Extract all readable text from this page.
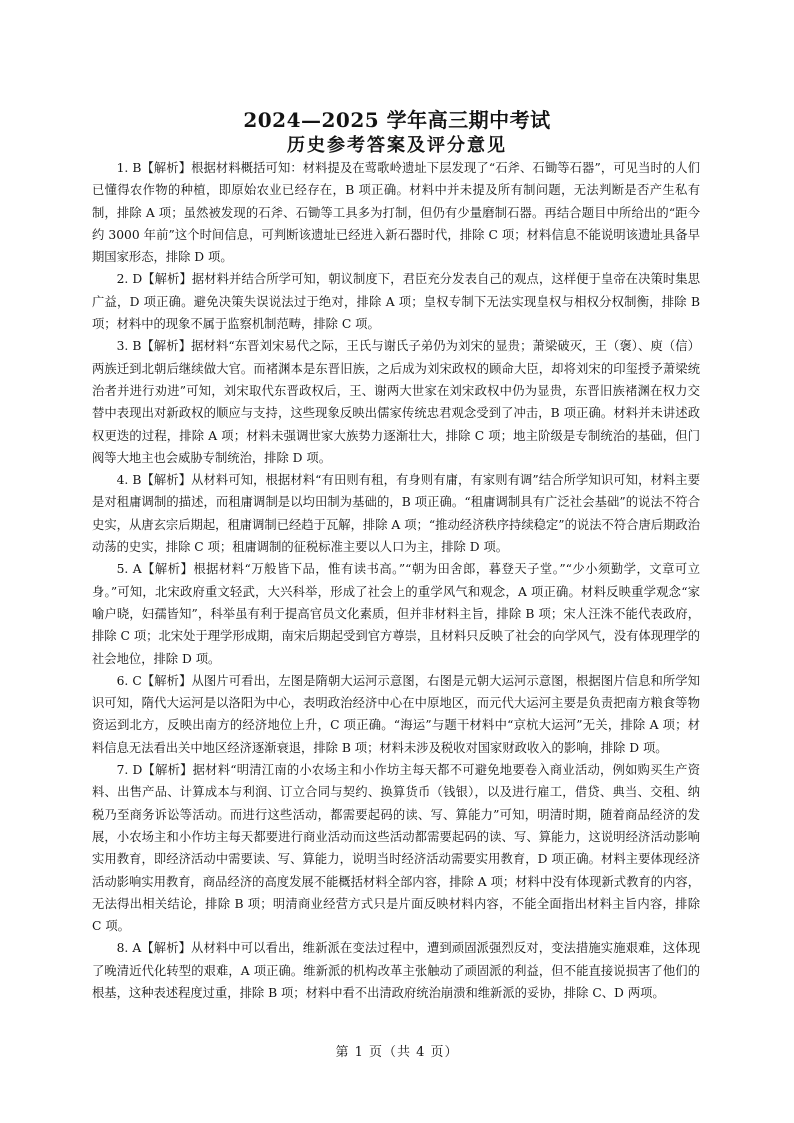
2024—2025 学年高三期中考试
历史参考答案及评分意见

1. B【解析】根据材料概括可知：材料提及在莺歌岭遗址下层发现了“石斧、石锄等石器”，可见当时的人们已懂得农作物的种植，即原始农业已经存在，B 项正确。材料中并未提及所有制问题，无法判断是否产生私有制，排除 A 项；虽然被发现的石斧、石锄等工具多为打制，但仍有少量磨制石器。再结合题目中所给出的“距今约 3000 年前”这个时间信息，可判断该遗址已经进入新石器时代，排除 C 项；材料信息不能说明该遗址具备早期国家形态，排除 D 项。

2. D【解析】据材料并结合所学可知，朝议制度下，君臣充分发表自己的观点，这样便于皇帝在决策时集思广益，D 项正确。避免决策失误说法过于绝对，排除 A 项；皇权专制下无法实现皇权与相权分权制衡，排除 B 项；材料中的现象不属于监察机制范畴，排除 C 项。

3. B【解析】据材料“东晋刘宋易代之际，王氏与谢氏子弟仍为刘宋的显贵；萧梁破灭，王（褒）、庾（信）两族迁到北朝后继续做大官。而褚渊本是东晋旧族，之后成为刘宋政权的顾命大臣，却将刘宋的印玺授予萧梁统治者并进行劝进”可知，刘宋取代东晋政权后，王、谢两大世家在刘宋政权中仍为显贵，东晋旧族褚渊在权力交替中表现出对新政权的顺应与支持，这些现象反映出儒家传统忠君观念受到了冲击，B 项正确。材料并未讲述政权更迭的过程，排除 A 项；材料未强调世家大族势力逐渐壮大，排除 C 项；地主阶级是专制统治的基础，但门阀等大地主也会威胁专制统治，排除 D 项。

4. B【解析】从材料可知，根据材料“有田则有租，有身则有庸，有家则有调”结合所学知识可知，材料主要是对租庸调制的描述，而租庸调制是以均田制为基础的，B 项正确。“租庸调制具有广泛社会基础”的说法不符合史实，从唐玄宗后期起，租庸调制已经趋于瓦解，排除 A 项；“推动经济秩序持续稳定”的说法不符合唐后期政治动荡的史实，排除 C 项；租庸调制的征税标准主要以人口为主，排除 D 项。

5. A【解析】根据材料“万般皆下品，惟有读书高。”“朝为田舍郎，暮登天子堂。”“少小须勤学，文章可立身。”可知，北宋政府重文轻武，大兴科举，形成了社会上的重学风气和观念，A 项正确。材料反映重学观念“家喻户晓，妇孺皆知”，科举虽有利于提高官员文化素质，但并非材料主旨，排除 B 项；宋人汪洙不能代表政府，排除 C 项；北宋处于理学形成期，南宋后期起受到官方尊崇，且材料只反映了社会的向学风气，没有体现理学的社会地位，排除 D 项。

6. C【解析】从图片可看出，左图是隋朝大运河示意图，右图是元朝大运河示意图，根据图片信息和所学知识可知，隋代大运河是以洛阳为中心，表明政治经济中心在中原地区，而元代大运河主要是负责把南方粮食等物资运到北方，反映出南方的经济地位上升，C 项正确。“海运”与题干材料中“京杭大运河”无关，排除 A 项；材料信息无法看出关中地区经济逐渐衰退，排除 B 项；材料未涉及税收对国家财政收入的影响，排除 D 项。

7. D【解析】据材料“明清江南的小农场主和小作坊主每天都不可避免地要卷入商业活动，例如购买生产资料、出售产品、计算成本与利润、订立合同与契约、换算货币（钱银），以及进行雇工，借贷、典当、交租、纳税乃至商务诉讼等活动。而进行这些活动，都需要起码的读、写、算能力”可知，明清时期，随着商品经济的发展，小农场主和小作坊主每天都要进行商业活动而这些活动都需要起码的读、写、算能力，这说明经济活动影响实用教育，即经济活动中需要读、写、算能力，说明当时经济活动需要实用教育，D 项正确。材料主要体现经济活动影响实用教育，商品经济的高度发展不能概括材料全部内容，排除 A 项；材料中没有体现新式教育的内容，无法得出相关结论，排除 B 项；明清商业经营方式只是片面反映材料内容，不能全面指出材料主旨内容，排除 C 项。

8. A【解析】从材料中可以看出，维新派在变法过程中，遭到顽固派强烈反对，变法措施实施艰难，这体现了晚清近代化转型的艰难，A 项正确。维新派的机构改革主张触动了顽固派的利益，但不能直接说损害了他们的根基，这种表述程度过重，排除 B 项；材料中看不出清政府统治崩溃和维新派的妥协，排除 C、D 两项。

第 1 页（共 4 页）
